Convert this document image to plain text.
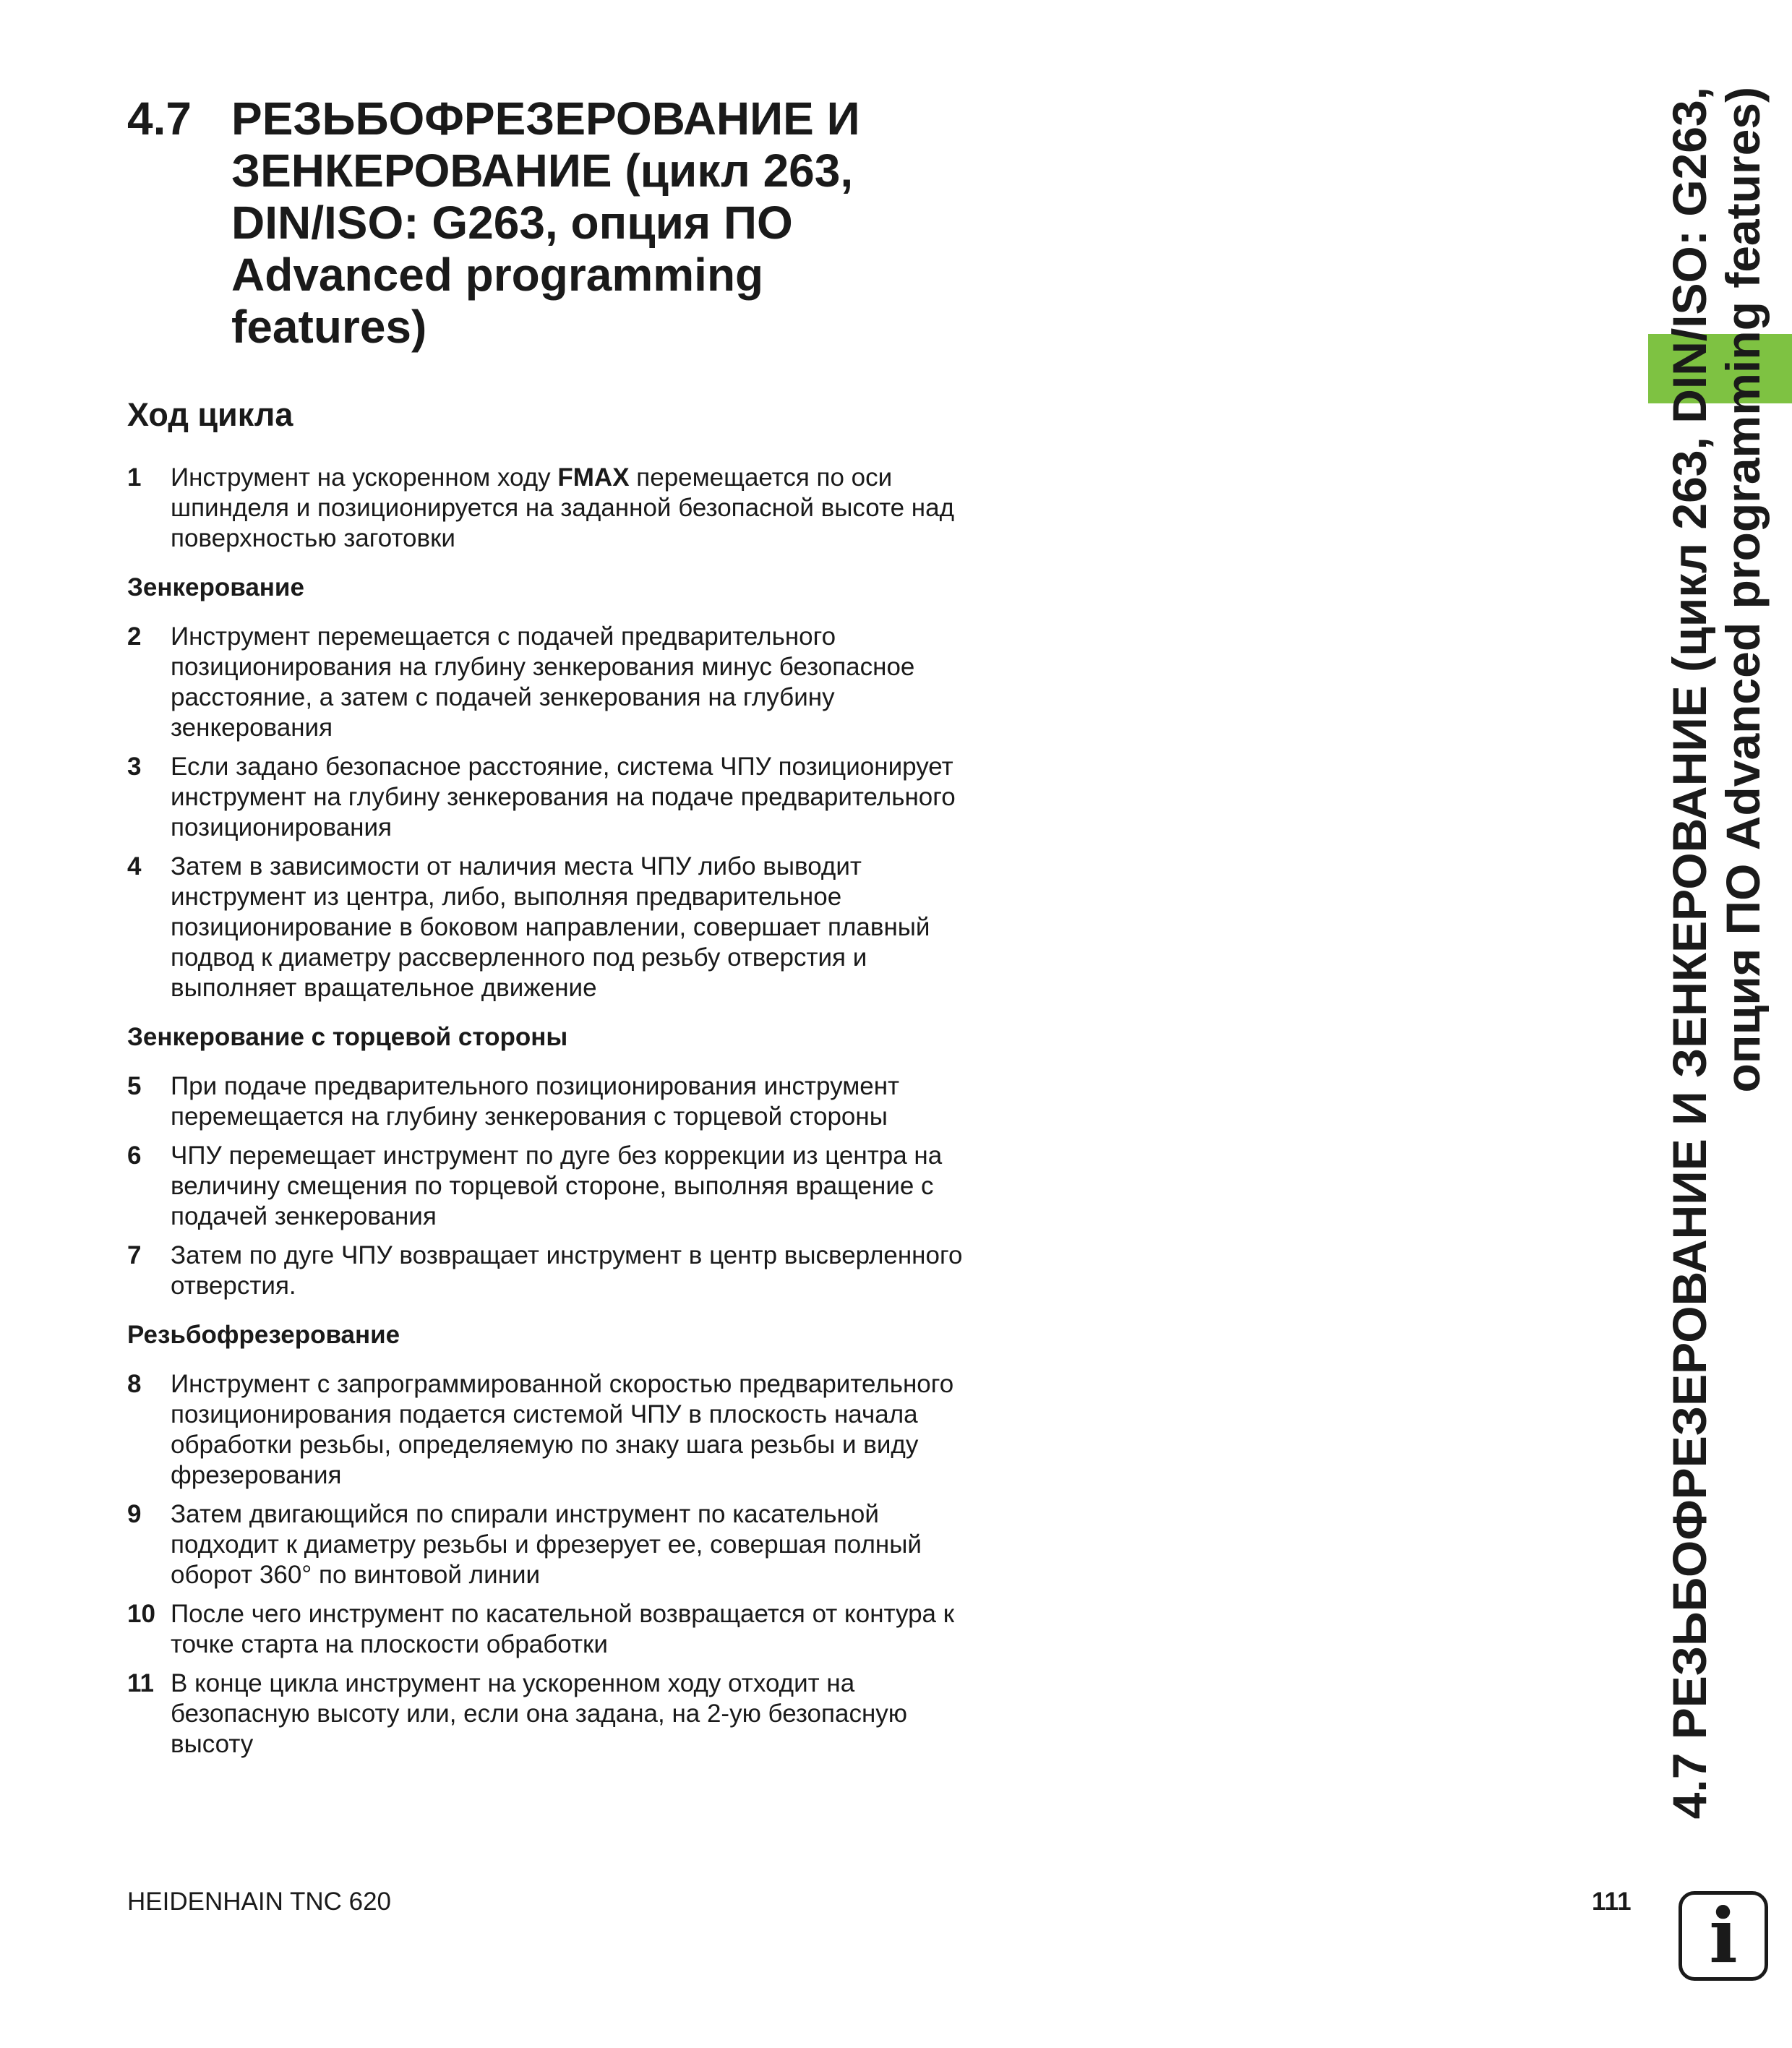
4.7 РЕЗЬБОФРЕЗЕРОВАНИЕ И
ЗЕНКЕРОВАНИЕ (цикл 263,
DIN/ISO: G263, опция ПО
Advanced programming
features)
Ход цикла
1 Инструмент на ускоренном ходу FMAX перемещается по оси шпинделя и позиционируется на заданной безопасной высоте над поверхностью заготовки
Зенкерование
2 Инструмент перемещается с подачей предварительного позиционирования на глубину зенкерования минус безопасное расстояние, а затем с подачей зенкерования на глубину зенкерования
3 Если задано безопасное расстояние, система ЧПУ позиционирует инструмент на глубину зенкерования на подаче предварительного позиционирования
4 Затем в зависимости от наличия места ЧПУ либо выводит инструмент из центра, либо, выполняя предварительное позиционирование в боковом направлении, совершает плавный подвод к диаметру рассверленного под резьбу отверстия и выполняет вращательное движение
Зенкерование с торцевой стороны
5 При подаче предварительного позиционирования инструмент перемещается на глубину зенкерования с торцевой стороны
6 ЧПУ перемещает инструмент по дуге без коррекции из центра на величину смещения по торцевой стороне, выполняя вращение с подачей зенкерования
7 Затем по дуге ЧПУ возвращает инструмент в центр высверленного отверстия.
Резьбофрезерование
8 Инструмент с запрограммированной скоростью предварительного позиционирования подается системой ЧПУ в плоскость начала обработки резьбы, определяемую по знаку шага резьбы и виду фрезерования
9 Затем двигающийся по спирали инструмент по касательной подходит к диаметру резьбы и фрезерует ее, совершая полный оборот 360° по винтовой линии
10 После чего инструмент по касательной возвращается от контура к точке старта на плоскости обработки
11 В конце цикла инструмент на ускоренном ходу отходит на безопасную высоту или, если она задана, на 2-ую безопасную высоту
HEIDENHAIN TNC 620	111
4.7 РЕЗЬБОФРЕЗЕРОВАНИЕ И ЗЕНКЕРОВАНИЕ (цикл 263, DIN/ISO: G263, опция ПО Advanced programming features)
i
